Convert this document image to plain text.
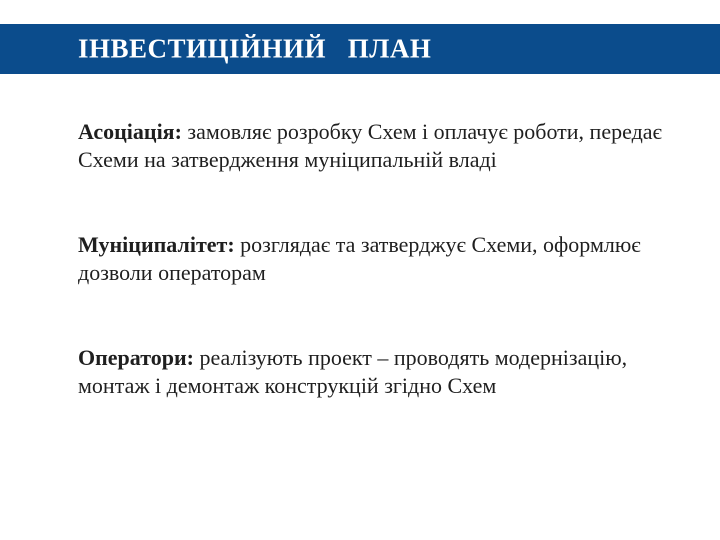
ІНВЕСТИЦІЙНИЙ   ПЛАН

Асоціація: замовляє розробку Схем і оплачує роботи, передає Схеми на затвердження муніципальній владі

Муніципалітет: розглядає та затверджує Схеми, оформлює дозволи операторам

Оператори: реалізують проект – проводять модернізацію, монтаж і демонтаж конструкцій згідно Схем
